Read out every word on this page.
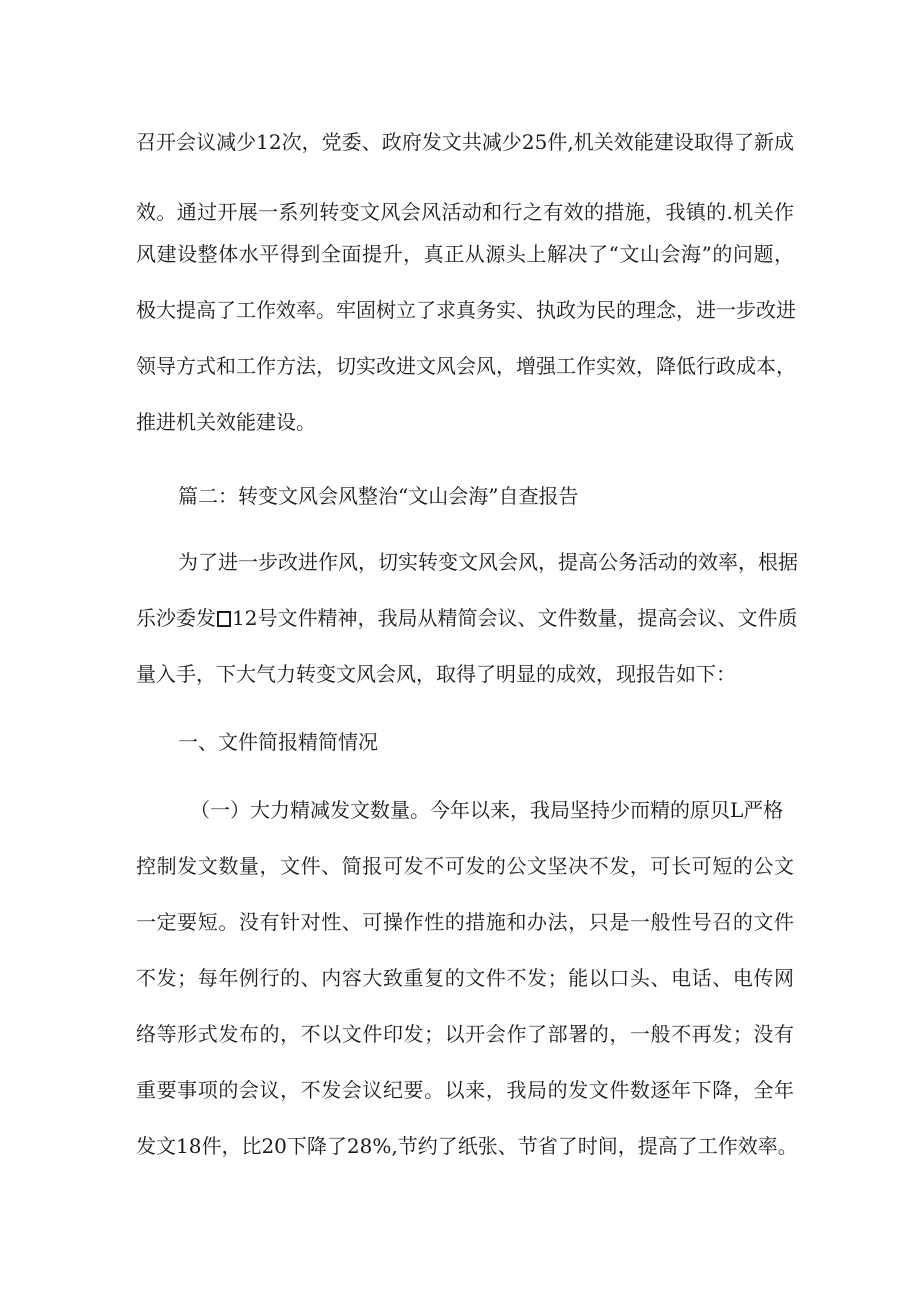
召开会议减少12次，党委、政府发文共减少25件,机关效能建设取得了新成
效。通过开展一系列转变文风会风活动和行之有效的措施，我镇的.机关作
风建设整体水平得到全面提升，真正从源头上解决了“文山会海”的问题，
极大提高了工作效率。牢固树立了求真务实、执政为民的理念，进一步改进
领导方式和工作方法，切实改进文风会风，增强工作实效，降低行政成本，
推进机关效能建设。
篇二：转变文风会风整治“文山会海”自查报告
为了进一步改进作风，切实转变文风会风，提高公务活动的效率，根据
乐沙委发 12号文件精神，我局从精简会议、文件数量，提高会议、文件质
量入手，下大气力转变文风会风，取得了明显的成效，现报告如下：
一、文件简报精简情况
（一）大力精减发文数量。今年以来，我局坚持少而精的原贝L严格
控制发文数量，文件、简报可发不可发的公文坚决不发，可长可短的公文
一定要短。没有针对性、可操作性的措施和办法，只是一般性号召的文件
不发；每年例行的、内容大致重复的文件不发；能以口头、电话、电传网
络等形式发布的，不以文件印发；以开会作了部署的，一般不再发；没有
重要事项的会议，不发会议纪要。以来，我局的发文件数逐年下降，全年
发文18件，比20下降了28%,节约了纸张、节省了时间，提高了工作效率。
